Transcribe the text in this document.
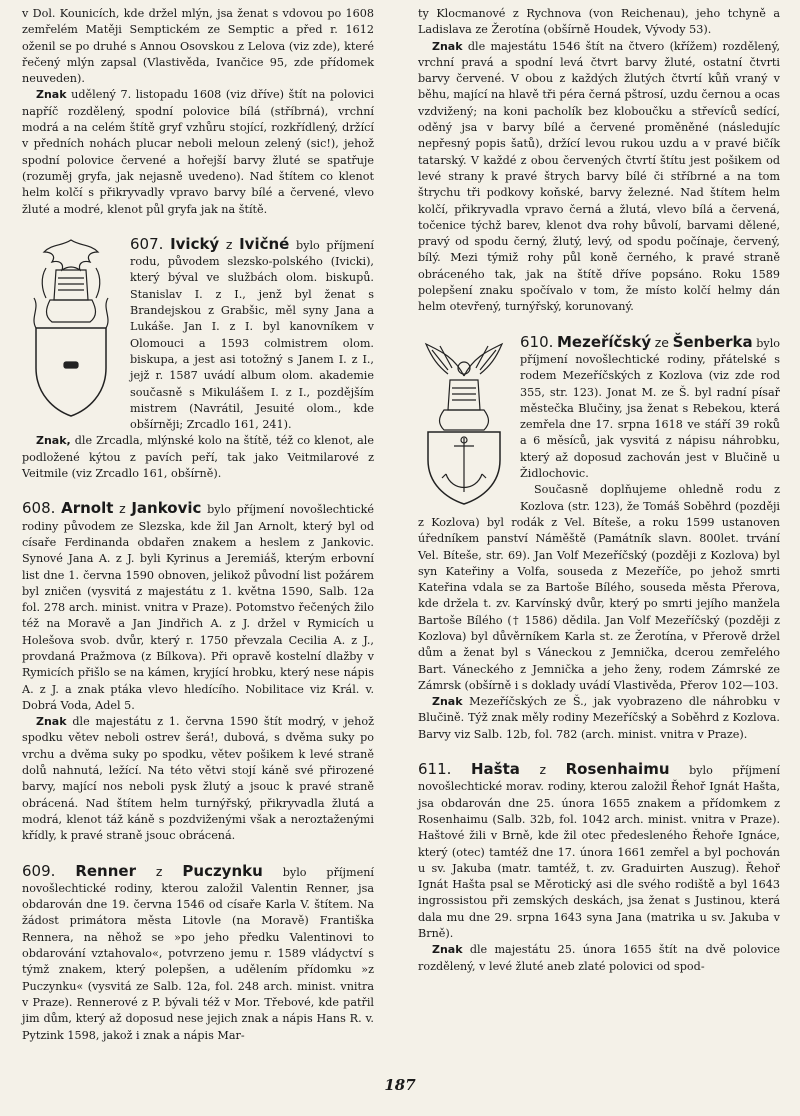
v Dol. Kounicích, kde držel mlýn, jsa ženat s vdovou po 1608 zemřelém Matěji Semptickém ze Semptic a před r. 1612 oženil se po druhé s Annou Osovskou z Lelova (viz zde), které řečený mlýn zapsal (Vlastivěda, Ivančice 95, zde přídomek neuveden).

Znak udělený 7. listopadu 1608 (viz dříve) štít na polovici napříč rozdělený, spodní polovice bílá (stříbrná), vrchní modrá a na celém štítě gryf vzhůru stojící, rozkřídlený, držící v předních nohách plucar neboli meloun zelený (sic!), jehož spodní polovice červené a hořejší barvy žluté se spatřuje (rozuměj gryfa, jak nejasně uvedeno). Nad štítem co klenot helm kolčí s přikryvadly vpravo barvy bílé a červené, vlevo žluté a modré, klenot půl gryfa jak na štítě.

607. Ivický z Ivičné bylo příjmení rodu, původem slezsko-polského (Ivicki), který býval ve službách olom. biskupů. Stanislav I. z I., jenž byl ženat s Brandejskou z Grabšic, měl syny Jana a Lukáše. Jan I. z I. byl kanovníkem v Olomouci a 1593 colmistrem olom. biskupa, a jest asi totožný s Janem I. z I., jejž r. 1587 uvádí album olom. akademie současně s Mikulášem I. z I., pozdějším mistrem (Navrátil, Jesuité olom., kde obšírněji; Zrcadlo 161, 241).

Znak, dle Zrcadla, mlýnské kolo na štítě, též co klenot, ale podložené kýtou z pavích peří, tak jako Veitmilarové z Veitmile (viz Zrcadlo 161, obšírně).

608. Arnolt z Jankovic bylo příjmení novošlechtické rodiny původem ze Slezska, kde žil Jan Arnolt, který byl od císaře Ferdinanda obdařen znakem a heslem z Jankovic. Synové Jana A. z J. byli Kyrinus a Jeremiáš, kterým erbovní list dne 1. června 1590 obnoven, jelikož původní list požárem byl zničen (vysvitá z majestátu z 1. května 1590, Salb. 12a fol. 278 arch. minist. vnitra v Praze). Potomstvo řečených žilo též na Moravě a Jan Jindřich A. z J. držel v Rymicích u Holešova svob. dvůr, který r. 1750 převzala Cecilia A. z J., provdaná Pražmova (z Bílkova). Při opravě kostelní dlažby v Rymicích přišlo se na kámen, kryjící hrobku, který nese nápis A. z J. a znak ptáka vlevo hledícího. Nobilitace viz Král. v. Dobrá Voda, Adel 5.

Znak dle majestátu z 1. června 1590 štít modrý, v jehož spodku větev neboli ostrev šerá!, dubová, s dvěma suky po vrchu a dvěma suky po spodku, větev pošikem k levé straně dolů nahnutá, ležící. Na této větvi stojí káně své přirozené barvy, mající nos neboli pysk žlutý a jsouc k pravé straně obrácená. Nad štítem helm turnýřský, přikryvadla žlutá a modrá, klenot táž káně s pozdviženými však a neroztaženými křídly, k pravé straně jsouc obrácená.

609. Renner z Puczynku bylo příjmení novošlechtické rodiny, kterou založil Valentin Renner, jsa obdarován dne 19. června 1546 od císaře Karla V. štítem. Na žádost primátora města Litovle (na Moravě) Františka Rennera, na něhož se »po jeho předku Valentinovi to obdarování vztahovalo«, potvrzeno jemu r. 1589 vládyctví s týmž znakem, který polepšen, a udělením přídomku »z Puczynku« (vysvitá ze Salb. 12a, fol. 248 arch. minist. vnitra v Praze). Rennerové z P. bývali též v Mor. Třebové, kde patřil jim dům, který až doposud nese jejich znak a nápis Hans R. v. Pytzink 1598, jakož i znak a nápis Mar-

ty Klocmanové z Rychnova (von Reichenau), jeho tchyně a Ladislava ze Žerotína (obšírně Houdek, Vývody 53).

Znak dle majestátu 1546 štít na čtvero (křížem) rozdělený, vrchní pravá a spodní levá čtvrt barvy žluté, ostatní čtvrti barvy červené. V obou z každých žlutých čtvrtí kůň vraný v běhu, mající na hlavě tři péra černá pštrosí, uzdu černou a ocas vzdvižený; na koni pacholík bez kloboučku a střevíců sedící, oděný jsa v barvy bílé a červené proměněné (následujíc nepřesný popis šatů), držící levou rukou uzdu a v pravé bičík tatarský. V každé z obou červených čtvrtí štítu jest pošikem od levé strany k pravé štrych barvy bílé či stříbrné a na tom štrychu tři podkovy koňské, barvy železné. Nad štítem helm kolčí, přikryvadla vpravo černá a žlutá, vlevo bílá a červená, točenice týchž barev, klenot dva rohy bůvolí, barvami dělené, pravý od spodu černý, žlutý, levý, od spodu počínaje, červený, bílý. Mezi týmiž rohy půl koně černého, k pravé straně obráceného tak, jak na štítě dříve popsáno. Roku 1589 polepšení znaku spočívalo v tom, že místo kolčí helmy dán helm otevřený, turnýřský, korunovaný.

610. Mezeříčský ze Šenberka bylo příjmení novošlechtické rodiny, přátelské s rodem Mezeříčských z Kozlova (viz zde rod 355, str. 123). Jonat M. ze Š. byl radní písař městečka Blučiny, jsa ženat s Rebekou, která zemřela dne 17. srpna 1618 ve stáří 39 roků a 6 měsíců, jak vysvitá z nápisu náhrobku, který až doposud zachován jest v Blučině u Židlochovic.

Současně doplňujeme ohledně rodu z Kozlova (str. 123), že Tomáš Soběhrd (později z Kozlova) byl rodák z Vel. Bíteše, a roku 1599 ustanoven úředníkem panství Náměště (Památník slavn. 800let. trvání Vel. Bíteše, str. 69). Jan Volf Mezeříčský (později z Kozlova) byl syn Kateřiny a Volfa, souseda z Mezeříče, po jehož smrti Kateřina vdala se za Bartoše Bílého, souseda města Přerova, kde držela t. zv. Karvínský dvůr, který po smrti jejího manžela Bartoše Bílého († 1586) dědila. Jan Volf Mezeříčský (později z Kozlova) byl důvěrníkem Karla st. ze Žerotína, v Přerově držel dům a ženat byl s Váneckou z Jemnička, dcerou zemřelého Bart. Váneckého z Jemnička a jeho ženy, rodem Zámrské ze Zámrsk (obšírně i s doklady uvádí Vlastivěda, Přerov 102—103.

Znak Mezeříčských ze Š., jak vyobrazeno dle náhrobku v Blučině. Týž znak měly rodiny Mezeříčský a Soběhrd z Kozlova. Barvy viz Salb. 12b, fol. 782 (arch. minist. vnitra v Praze).

611. Hašta z Rosenhaimu bylo příjmení novošlechtické morav. rodiny, kterou založil Řehoř Ignát Hašta, jsa obdarován dne 25. února 1655 znakem a přídomkem z Rosenhaimu (Salb. 32b, fol. 1042 arch. minist. vnitra v Praze). Haštové žili v Brně, kde žil otec předesleného Řehoře Ignáce, který (otec) tamtéž dne 17. února 1661 zemřel a byl pochován u sv. Jakuba (matr. tamtéž, t. zv. Graduirten Auszug). Řehoř Ignát Hašta psal se Měrotický asi dle svého rodiště a byl 1643 ingrossistou při zemských deskách, jsa ženat s Justinou, která dala mu dne 29. srpna 1643 syna Jana (matrika u sv. Jakuba v Brně).

Znak dle majestátu 25. února 1655 štít na dvě polovice rozdělený, v levé žluté aneb zlaté polovici od spod-

187
